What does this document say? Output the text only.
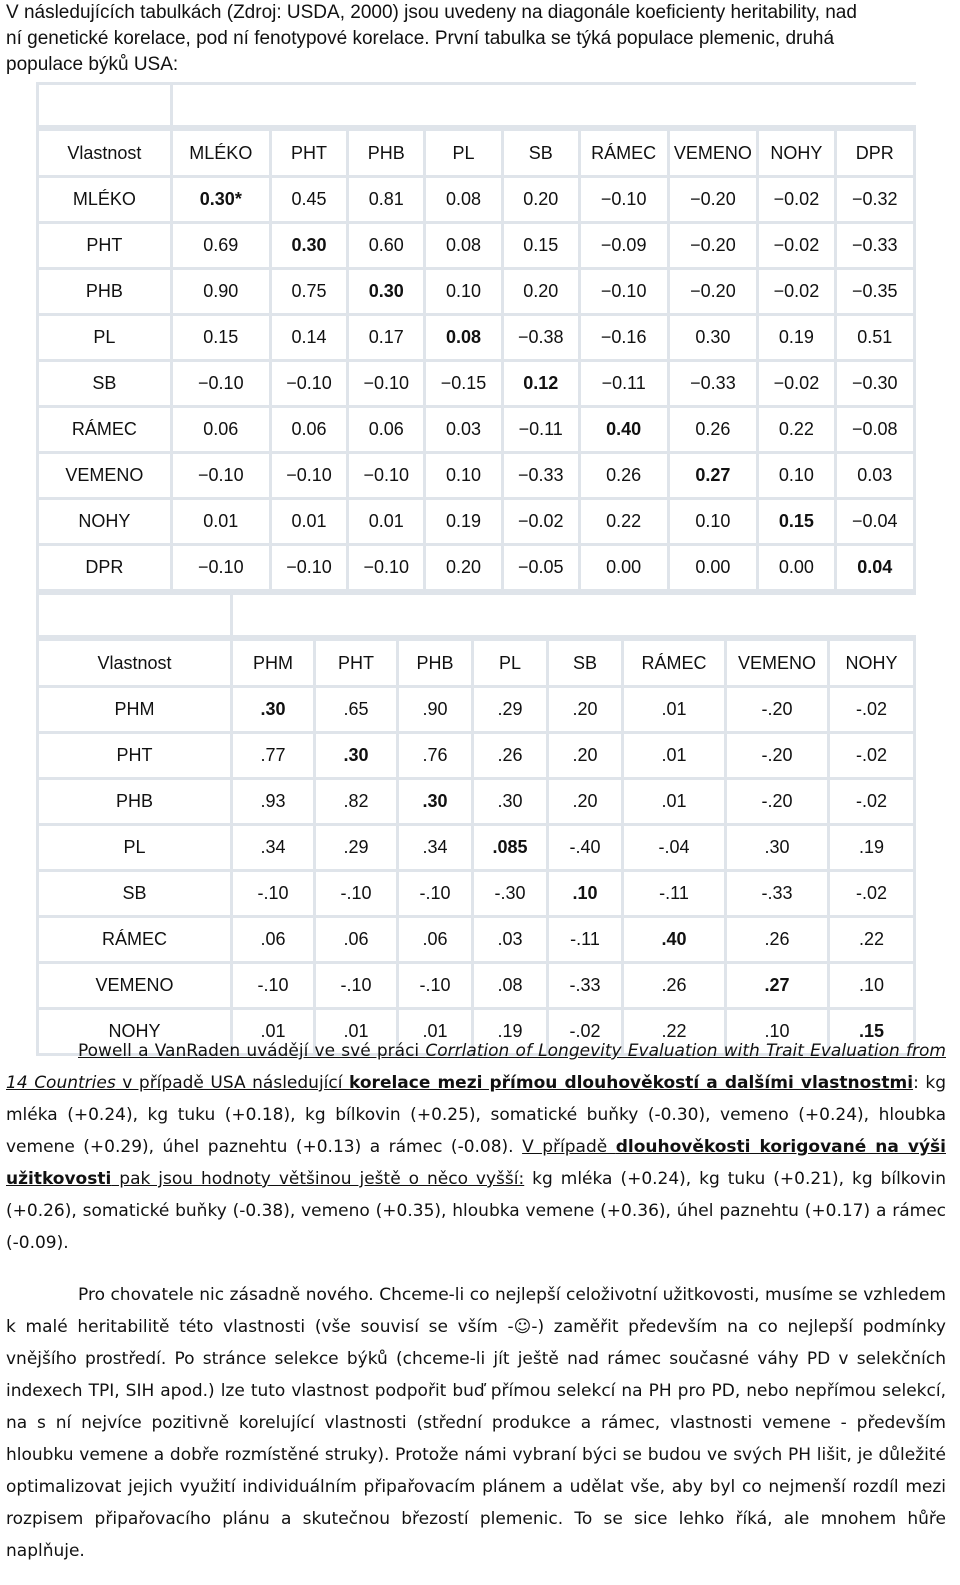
V následujících tabulkách (Zdroj: USDA, 2000) jsou uvedeny na diagonále koeficienty heritability, nad
ní genetické korelace, pod ní fenotypové korelace. První tabulka se týká populace plemenic, druhá
populace býků USA:

Vlastnost	MLÉKO	PHT	PHB	PL	SB	RÁMEC	VEMENO	NOHY	DPR
MLÉKO	0.30*	0.45	0.81	0.08	0.20	−0.10	−0.20	−0.02	−0.32
PHT	0.69	0.30	0.60	0.08	0.15	−0.09	−0.20	−0.02	−0.33
PHB	0.90	0.75	0.30	0.10	0.20	−0.10	−0.20	−0.02	−0.35
PL	0.15	0.14	0.17	0.08	−0.38	−0.16	0.30	0.19	0.51
SB	−0.10	−0.10	−0.10	−0.15	0.12	−0.11	−0.33	−0.02	−0.30
RÁMEC	0.06	0.06	0.06	0.03	−0.11	0.40	0.26	0.22	−0.08
VEMENO	−0.10	−0.10	−0.10	0.10	−0.33	0.26	0.27	0.10	0.03
NOHY	0.01	0.01	0.01	0.19	−0.02	0.22	0.10	0.15	−0.04
DPR	−0.10	−0.10	−0.10	0.20	−0.05	0.00	0.00	0.00	0.04

Vlastnost	PHM	PHT	PHB	PL	SB	RÁMEC	VEMENO	NOHY
PHM	.30	.65	.90	.29	.20	.01	-.20	-.02
PHT	.77	.30	.76	.26	.20	.01	-.20	-.02
PHB	.93	.82	.30	.30	.20	.01	-.20	-.02
PL	.34	.29	.34	.085	-.40	-.04	.30	.19
SB	-.10	-.10	-.10	-.30	.10	-.11	-.33	-.02
RÁMEC	.06	.06	.06	.03	-.11	.40	.26	.22
VEMENO	-.10	-.10	-.10	.08	-.33	.26	.27	.10
NOHY	.01	.01	.01	.19	-.02	.22	.10	.15

Powell a VanRaden uvádějí ve své práci Corrlation of Longevity Evaluation with Trait Evaluation from 14 Countries v případě USA následující korelace mezi přímou dlouhověkostí a dalšími vlastnostmi: kg mléka (+0.24), kg tuku (+0.18), kg bílkovin (+0.25), somatické buňky (-0.30), vemeno (+0.24), hloubka vemene (+0.29), úhel paznehtu (+0.13) a rámec (-0.08). V případě dlouhověkosti korigované na výši užitkovosti pak jsou hodnoty většinou ještě o něco vyšší: kg mléka (+0.24), kg tuku (+0.21), kg bílkovin (+0.26), somatické buňky (-0.38), vemeno (+0.35), hloubka vemene (+0.36), úhel paznehtu (+0.17) a rámec (-0.09).

Pro chovatele nic zásadně nového. Chceme-li co nejlepší celoživotní užitkovosti, musíme se vzhledem k malé heritabilitě této vlastnosti (vše souvisí se vším -☺-) zaměřit především na co nejlepší podmínky vnějšího prostředí. Po stránce selekce býků (chceme-li jít ještě nad rámec současné váhy PD v selekčních indexech TPI, SIH apod.) lze tuto vlastnost podpořit buď přímou selekcí na PH pro PD, nebo nepřímou selekcí, na s ní nejvíce pozitivně korelující vlastnosti (střední produkce a rámec, vlastnosti vemene - především hloubku vemene a dobře rozmístěné struky). Protože námi vybraní býci se budou ve svých PH lišit, je důležité optimalizovat jejich využití individuálním připařovacím plánem a udělat vše, aby byl co nejmenší rozdíl mezi rozpisem připařovacího plánu a skutečnou březostí plemenic. To se sice lehko říká, ale mnohem hůře naplňuje.
